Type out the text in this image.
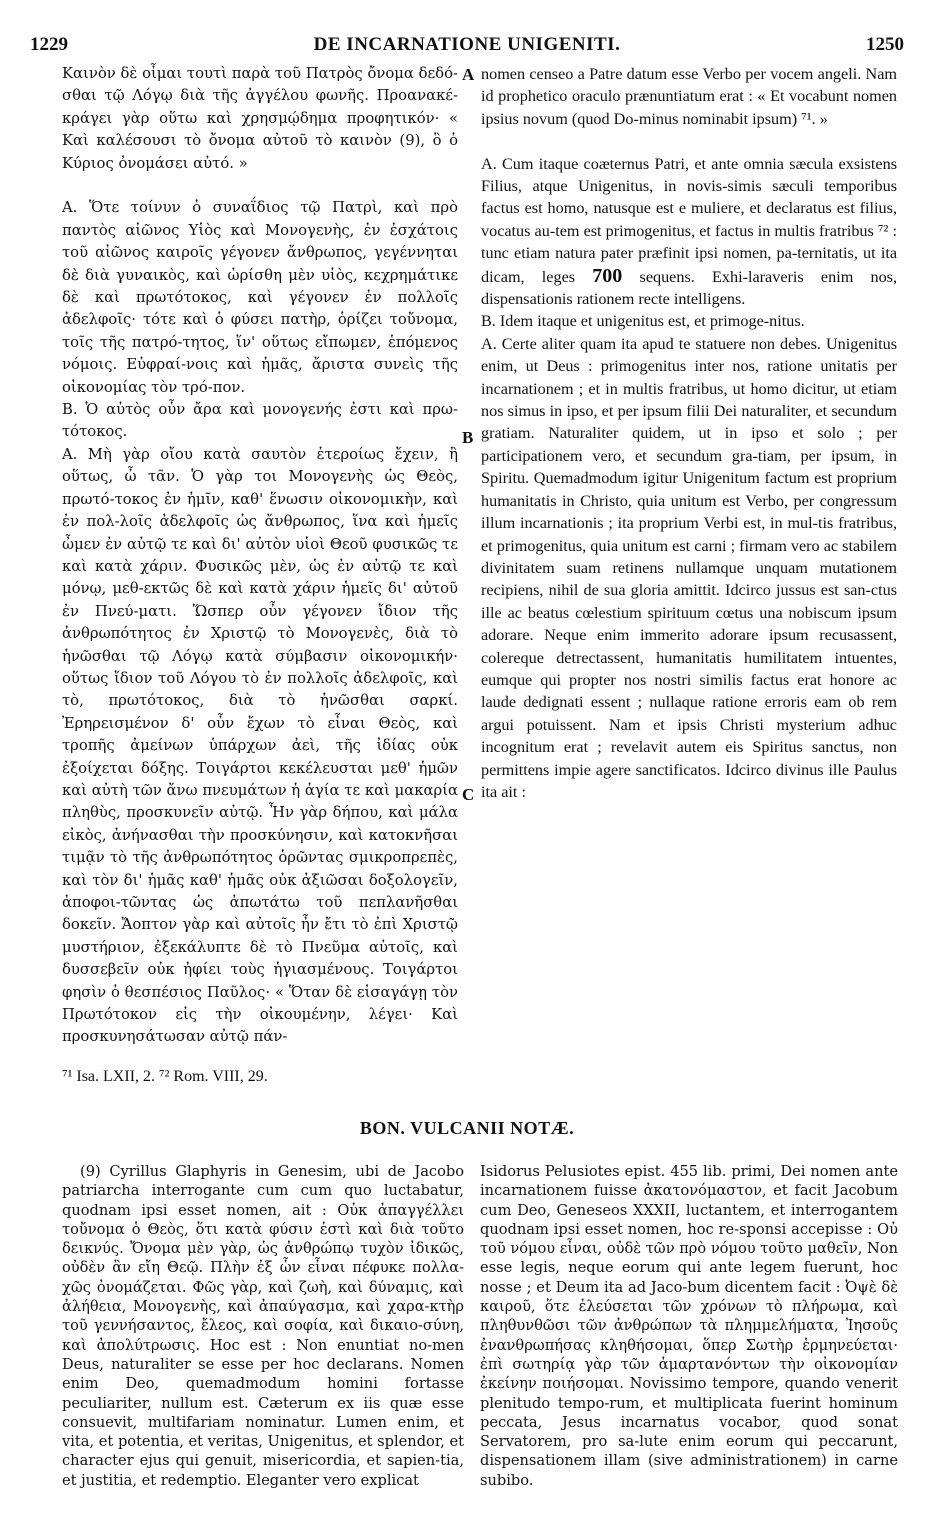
1229	DE INCARNATIONE UNIGENITI.	1250

Καινὸν δὲ οἶμαι τουτὶ παρὰ τοῦ Πατρὸς ὄνομα δεδό-σθαι τῷ Λόγῳ διὰ τῆς ἀγγέλου φωνῆς. Προανακέ-κράγει γὰρ οὕτω καὶ χρησμῴδημα προφητικόν· « Καὶ καλέσουσι τὸ ὄνομα αὐτοῦ τὸ καινὸν (9), ὃ ὁ Κύριος ὀνομάσει αὐτό. »

Α. Ὅτε τοίνυν ὁ συναΐδιος τῷ Πατρὶ, καὶ πρὸ παντὸς αἰῶνος Υἱὸς καὶ Μονογενὴς, ἐν ἐσχάτοις τοῦ αἰῶνος καιροῖς γέγονεν ἄνθρωπος, γεγέννηται δὲ διὰ γυναικὸς, καὶ ὡρίσθη μὲν υἱὸς, κεχρημάτικε δὲ καὶ πρωτότοκος, καὶ γέγονεν ἐν πολλοῖς ἀδελφοῖς· τότε καὶ ὁ φύσει πατὴρ, ὁρίζει τοὔνομα, τοῖς τῆς πατρό-τητος, ἵν' οὕτως εἴπωμεν, ἑπόμενος νόμοις. Εὐφραί-νοις καὶ ἡμᾶς, ἄριστα συνεὶς τῆς οἰκονομίας τὸν τρό-πον.

Β. Ὁ αὐτὸς οὖν ἄρα καὶ μονογενής ἐστι καὶ πρω-τότοκος.

Α. Μὴ γὰρ οἴου κατὰ σαυτὸν ἑτεροίως ἔχειν, ἢ οὕτως, ὦ τᾶν. Ὁ γὰρ τοι Μονογενὴς ὡς Θεὸς, πρωτό-τοκος ἐν ἡμῖν, καθ' ἕνωσιν οἰκονομικὴν, καὶ ἐν πολ-λοῖς ἀδελφοῖς ὡς ἄνθρωπος, ἵνα καὶ ἡμεῖς ὦμεν ἐν αὐτῷ τε καὶ δι' αὐτὸν υἱοὶ Θεοῦ φυσικῶς τε καὶ κατὰ χάριν. Φυσικῶς μὲν, ὡς ἐν αὐτῷ τε καὶ μόνῳ, μεθ-εκτῶς δὲ καὶ κατὰ χάριν ἡμεῖς δι' αὐτοῦ ἐν Πνεύ-ματι. Ὥσπερ οὖν γέγονεν ἴδιον τῆς ἀνθρωπότητος ἐν Χριστῷ τὸ Μονογενὲς, διὰ τὸ ἡνῶσθαι τῷ Λόγῳ κατὰ σύμβασιν οἰκονομικήν· οὕτως ἴδιον τοῦ Λόγου τὸ ἐν πολλοῖς ἀδελφοῖς, καὶ τὸ, πρωτότοκος, διὰ τὸ ἡνῶσθαι σαρκί. Ἐρηρεισμένον δ' οὖν ἔχων τὸ εἶναι Θεὸς, καὶ τροπῆς ἀμείνων ὑπάρχων ἀεὶ, τῆς ἰδίας οὐκ ἐξοίχεται δόξης. Τοιγάρτοι κεκέλευσται μεθ' ἡμῶν καὶ αὐτὴ τῶν ἄνω πνευμάτων ἡ ἁγία τε καὶ μακαρία πληθὺς, προσκυνεῖν αὐτῷ. Ἦν γὰρ δήπου, καὶ μάλα εἰκὸς, ἀνήνασθαι τὴν προσκύνησιν, καὶ κατοκνῆσαι τιμᾷν τὸ τῆς ἀνθρωπότητος ὁρῶντας σμικροπρεπὲς, καὶ τὸν δι' ἡμᾶς καθ' ἡμᾶς οὐκ ἀξιῶσαι δοξολογεῖν, ἀποφοι-τῶντας ὡς ἀπωτάτω τοῦ πεπλανῆσθαι δοκεῖν. Ἄοπτον γὰρ καὶ αὐτοῖς ἦν ἔτι τὸ ἐπὶ Χριστῷ μυστήριον, ἐξεκάλυπτε δὲ τὸ Πνεῦμα αὐτοῖς, καὶ δυσσεβεῖν οὐκ ἠφίει τοὺς ἡγιασμένους. Τοιγάρτοι φησὶν ὁ θεσπέσιος Παῦλος· « Ὅταν δὲ εἰσαγάγῃ τὸν Πρωτότοκον εἰς τὴν οἰκουμένην, λέγει· Καὶ προσκυνησάτωσαν αὐτῷ πάν-

A
B
C

nomen censeo a Patre datum esse Verbo per vocem angeli. Nam id prophetico oraculo prænuntiatum erat : « Et vocabunt nomen ipsius novum (quod Do-minus nominabit ipsum) ⁷¹. »

A. Cum itaque coæternus Patri, et ante omnia sæcula exsistens Filius, atque Unigenitus, in novis-simis sæculi temporibus factus est homo, natusque est e muliere, et declaratus est filius, vocatus au-tem est primogenitus, et factus in multis fratribus ⁷² : tunc etiam natura pater præfinit ipsi nomen, pa-ternitatis, ut ita dicam, leges 700 sequens. Exhi-laraveris enim nos, dispensationis rationem recte intelligens.

B. Idem itaque et unigenitus est, et primoge-nitus.

A. Certe aliter quam ita apud te statuere non debes. Unigenitus enim, ut Deus : primogenitus inter nos, ratione unitatis per incarnationem ; et in multis fratribus, ut homo dicitur, ut etiam nos simus in ipso, et per ipsum filii Dei naturaliter, et secundum gratiam. Naturaliter quidem, ut in ipso et solo ; per participationem vero, et secundum gra-tiam, per ipsum, in Spiritu. Quemadmodum igitur Unigenitum factum est proprium humanitatis in Christo, quia unitum est Verbo, per congressum illum incarnationis ; ita proprium Verbi est, in mul-tis fratribus, et primogenitus, quia unitum est carni ; firmam vero ac stabilem divinitatem suam retinens nullamque unquam mutationem recipiens, nihil de sua gloria amittit. Idcirco jussus est san-ctus ille ac beatus cœlestium spirituum cœtus una nobiscum ipsum adorare. Neque enim immerito adorare ipsum recusassent, colereque detrectassent, humanitatis humilitatem intuentes, eumque qui propter nos nostri similis factus erat honore ac laude dedignati essent ; nullaque ratione erroris eam ob rem argui potuissent. Nam et ipsis Christi mysterium adhuc incognitum erat ; revelavit autem eis Spiritus sanctus, non permittens impie agere sanctificatos. Idcirco divinus ille Paulus ita ait :

⁷¹ Isa. LXII, 2. ⁷² Rom. VIII, 29.
BON. VULCANII NOTÆ.

(9) Cyrillus Glaphyris in Genesim, ubi de Jacobo patriarcha interrogante cum cum quo luctabatur, quodnam ipsi esset nomen, ait : Οὐκ ἀπαγγέλλει τοὔνομα ὁ Θεὸς, ὅτι κατὰ φύσιν ἐστὶ καὶ διὰ τοῦτο δεικνύς. Ὄνομα μὲν γὰρ, ὡς ἀνθρώπῳ τυχὸν ἰδικῶς, οὐδὲν ἂν εἴη Θεῷ. Πλὴν ἐξ ὧν εἶναι πέφυκε πολλα-χῶς ὀνομάζεται. Φῶς γὰρ, καὶ ζωὴ, καὶ δύναμις, καὶ ἀλήθεια, Μονογενὴς, καὶ ἀπαύγασμα, καὶ χαρα-κτὴρ τοῦ γεννήσαντος, ἔλεος, καὶ σοφία, καὶ δικαιο-σύνη, καὶ ἀπολύτρωσις. Hoc est : Non enuntiat no-men Deus, naturaliter se esse per hoc declarans. Nomen enim Deo, quemadmodum homini fortasse peculiariter, nullum est. Cæterum ex iis quæ esse consuevit, multifariam nominatur. Lumen enim, et vita, et potentia, et veritas, Unigenitus, et splendor, et character ejus qui genuit, misericordia, et sapien-tia, et justitia, et redemptio. Eleganter vero explicat

Isidorus Pelusiotes epist. 455 lib. primi, Dei nomen ante incarnationem fuisse ἀκατονόμαστον, et facit Jacobum cum Deo, Geneseos XXXII, luctantem, et interrogantem quodnam ipsi esset nomen, hoc re-sponsi accepisse : Οὐ τοῦ νόμου εἶναι, οὐδὲ τῶν πρὸ νόμου τοῦτο μαθεῖν, Non esse legis, neque eorum qui ante legem fuerunt, hoc nosse ; et Deum ita ad Jaco-bum dicentem facit : Ὀψὲ δὲ καιροῦ, ὅτε ἐλεύσεται τῶν χρόνων τὸ πλήρωμα, καὶ πληθυνθῶσι τῶν ἀνθρώπων τὰ πλημμελήματα, Ἰησοῦς ἐνανθρωπήσας κληθήσομαι, ὅπερ Σωτὴρ ἑρμηνεύεται· ἐπὶ σωτηρίᾳ γὰρ τῶν ἁμαρτανόντων τὴν οἰκονομίαν ἐκείνην ποιήσομαι. Novissimo tempore, quando venerit plenitudo tempo-rum, et multiplicata fuerint hominum peccata, Jesus incarnatus vocabor, quod sonat Servatorem, pro sa-lute enim eorum qui peccarunt, dispensationem illam (sive administrationem) in carne subibo.
